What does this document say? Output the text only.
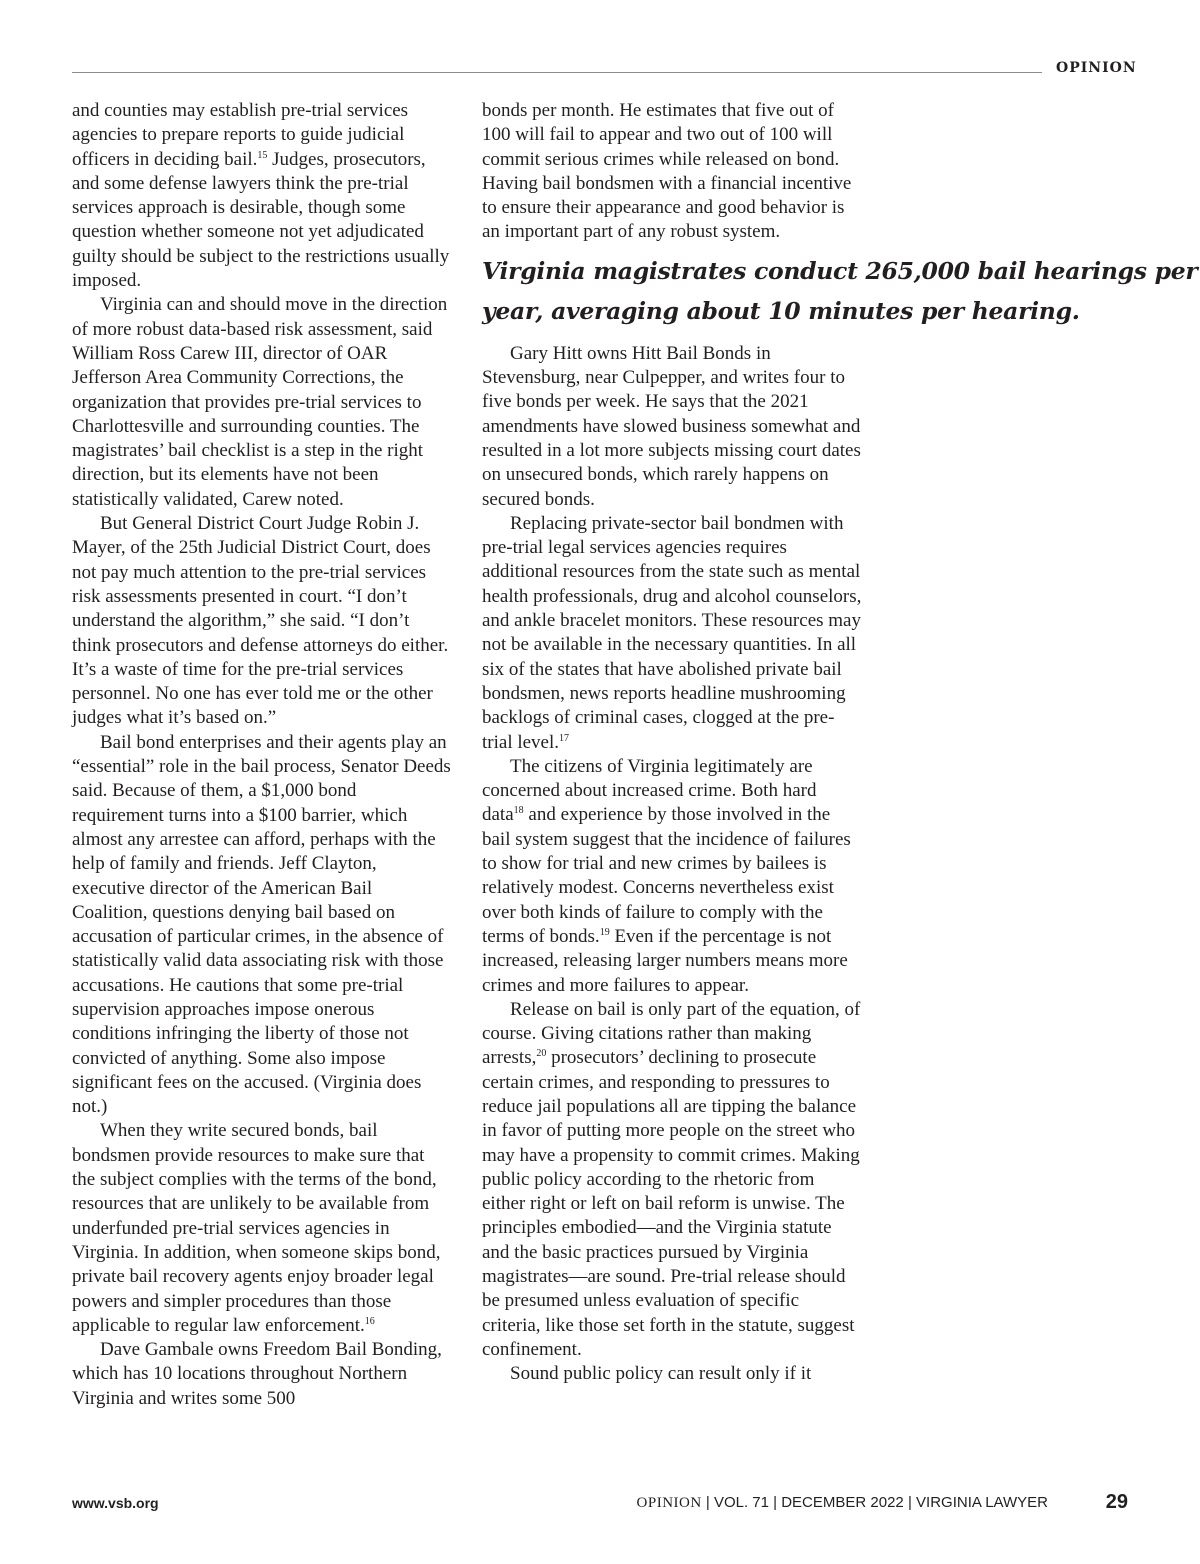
OPINION

and counties may establish pre-trial services agencies to prepare reports to guide judicial officers in deciding bail.$^{15}$ Judges, prosecutors, and some defense lawyers think the pre-trial services approach is desirable, though some question whether someone not yet adjudicated guilty should be subject to the restrictions usually imposed.

Virginia can and should move in the direction of more robust data-based risk assessment, said William Ross Carew III, director of OAR Jefferson Area Community Corrections, the organization that provides pre-trial services to Charlottesville and surrounding counties. The magistrates’ bail checklist is a step in the right direction, but its elements have not been statistically validated, Carew noted.

But General District Court Judge Robin J. Mayer, of the 25th Judicial District Court, does not pay much attention to the pre-trial services risk assessments presented in court. “I don’t understand the algorithm,” she said. “I don’t think prosecutors and defense attorneys do either. It’s a waste of time for the pre-trial services personnel. No one has ever told me or the other judges what it’s based on.”

Bail bond enterprises and their agents play an “essential” role in the bail process, Senator Deeds said. Because of them, a $1,000 bond requirement turns into a $100 barrier, which almost any arrestee can afford, perhaps with the help of family and friends. Jeff Clayton, executive director of the American Bail Coalition, questions denying bail based on accusation of particular crimes, in the absence of statistically valid data associating risk with those accusations. He cautions that some pre-trial supervision approaches impose onerous conditions infringing the liberty of those not convicted of anything. Some also impose significant fees on the accused. (Virginia does not.)

When they write secured bonds, bail bondsmen provide resources to make sure that the subject complies with the terms of the bond, resources that are unlikely to be available from underfunded pre-trial services agencies in Virginia. In addition, when someone skips bond, private bail recovery agents enjoy broader legal powers and simpler procedures than those applicable to regular law enforcement.$^{16}$

Dave Gambale owns Freedom Bail Bonding, which has 10 locations throughout Northern Virginia and writes some 500

bonds per month. He estimates that five out of 100 will fail to appear and two out of 100 will commit serious crimes while released on bond. Having bail bondsmen with a financial incentive to ensure their appearance and good behavior is an important part of any robust system.

Virginia magistrates conduct 265,000 bail hearings per
year, averaging about 10 minutes per hearing.

Gary Hitt owns Hitt Bail Bonds in Stevensburg, near Culpepper, and writes four to five bonds per week. He says that the 2021 amendments have slowed business somewhat and resulted in a lot more subjects missing court dates on unsecured bonds, which rarely happens on secured bonds.

Replacing private-sector bail bondmen with pre-trial legal services agencies requires additional resources from the state such as mental health professionals, drug and alcohol counselors, and ankle bracelet monitors. These resources may not be available in the necessary quantities. In all six of the states that have abolished private bail bondsmen, news reports headline mushrooming backlogs of criminal cases, clogged at the pre-trial level.$^{17}$

The citizens of Virginia legitimately are concerned about increased crime. Both hard data$^{18}$ and experience by those involved in the bail system suggest that the incidence of failures to show for trial and new crimes by bailees is relatively modest. Concerns nevertheless exist over both kinds of failure to comply with the terms of bonds.$^{19}$ Even if the percentage is not increased, releasing larger numbers means more crimes and more failures to appear.

Release on bail is only part of the equation, of course. Giving citations rather than making arrests,$^{20}$ prosecutors’ declining to prosecute certain crimes, and responding to pressures to reduce jail populations all are tipping the balance in favor of putting more people on the street who may have a propensity to commit crimes. Making public policy according to the rhetoric from either right or left on bail reform is unwise. The principles embodied—and the Virginia statute and the basic practices pursued by Virginia magistrates—are sound. Pre-trial release should be presumed unless evaluation of specific criteria, like those set forth in the statute, suggest confinement.

Sound public policy can result only if it

www.vsb.org	OPINION | VOL. 71 | DECEMBER 2022 | VIRGINIA LAWYER	29
